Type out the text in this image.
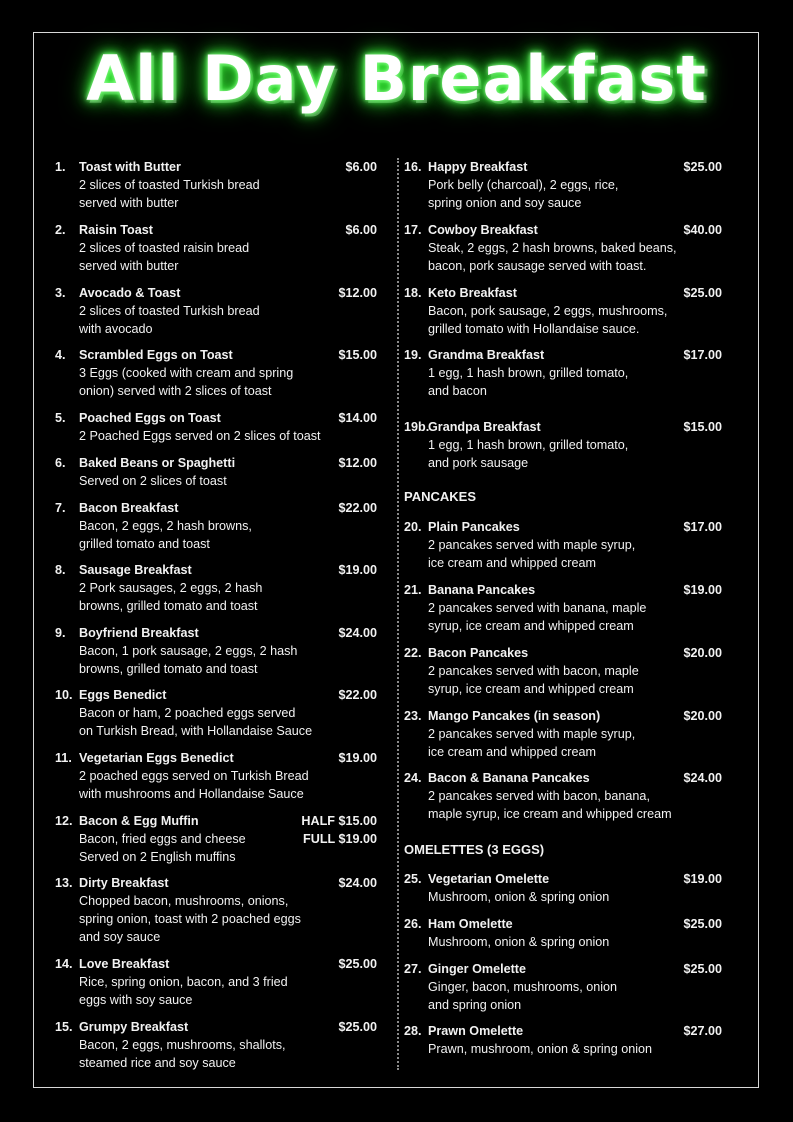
All Day Breakfast
1. Toast with Butter	$6.00
2 slices of toasted Turkish bread
served with butter
2. Raisin Toast	$6.00
2 slices of toasted raisin bread
served with butter
3. Avocado & Toast	$12.00
2 slices of toasted Turkish bread
with avocado
4. Scrambled Eggs on Toast	$15.00
3 Eggs (cooked with cream and spring
onion) served with 2 slices of toast
5. Poached Eggs on Toast	$14.00
2 Poached Eggs served on 2 slices of toast
6. Baked Beans or Spaghetti	$12.00
Served on 2 slices of toast
7. Bacon Breakfast	$22.00
Bacon, 2 eggs, 2 hash browns,
grilled tomato and toast
8. Sausage Breakfast	$19.00
2 Pork sausages, 2 eggs, 2 hash
browns, grilled tomato and toast
9. Boyfriend Breakfast	$24.00
Bacon, 1 pork sausage, 2 eggs, 2 hash
browns, grilled tomato and toast
10. Eggs Benedict	$22.00
Bacon or ham, 2 poached eggs served
on Turkish Bread, with Hollandaise Sauce
11. Vegetarian Eggs Benedict	$19.00
2 poached eggs served on Turkish Bread
with mushrooms and Hollandaise Sauce
12. Bacon & Egg Muffin	HALF $15.00
FULL $19.00
Bacon, fried eggs and cheese
Served on 2 English muffins
13. Dirty Breakfast	$24.00
Chopped bacon, mushrooms, onions,
spring onion, toast with 2 poached eggs
and soy sauce
14. Love Breakfast	$25.00
Rice, spring onion, bacon, and 3 fried
eggs with soy sauce
15. Grumpy Breakfast	$25.00
Bacon, 2 eggs, mushrooms, shallots,
steamed rice and soy sauce
16. Happy Breakfast	$25.00
Pork belly (charcoal), 2 eggs, rice,
spring onion and soy sauce
17. Cowboy Breakfast	$40.00
Steak, 2 eggs, 2 hash browns, baked beans,
bacon, pork sausage served with toast.
18. Keto Breakfast	$25.00
Bacon, pork sausage, 2 eggs, mushrooms,
grilled tomato with Hollandaise sauce.
19. Grandma Breakfast	$17.00
1 egg, 1 hash brown, grilled tomato,
and bacon
19b.
Grandpa Breakfast	$15.00
1 egg, 1 hash brown, grilled tomato,
and pork sausage
20. Plain Pancakes	$17.00
2 pancakes served with maple syrup,
ice cream and whipped cream
21. Banana Pancakes	$19.00
2 pancakes served with banana, maple
syrup, ice cream and whipped cream
22. Bacon Pancakes	$20.00
2 pancakes served with bacon, maple
syrup, ice cream and whipped cream
23. Mango Pancakes (in season)	$20.00
2 pancakes served with maple syrup,
ice cream and whipped cream
24. Bacon & Banana Pancakes	$24.00
2 pancakes served with bacon, banana,
maple syrup, ice cream and whipped cream
25. Vegetarian Omelette	$19.00
Mushroom, onion & spring onion
26. Ham Omelette	$25.00
Mushroom, onion & spring onion
27. Ginger Omelette	$25.00
Ginger, bacon, mushrooms, onion
and spring onion
28. Prawn Omelette	$27.00
Prawn, mushroom, onion & spring onion
PANCAKES
OMELETTES (3 EGGS)
